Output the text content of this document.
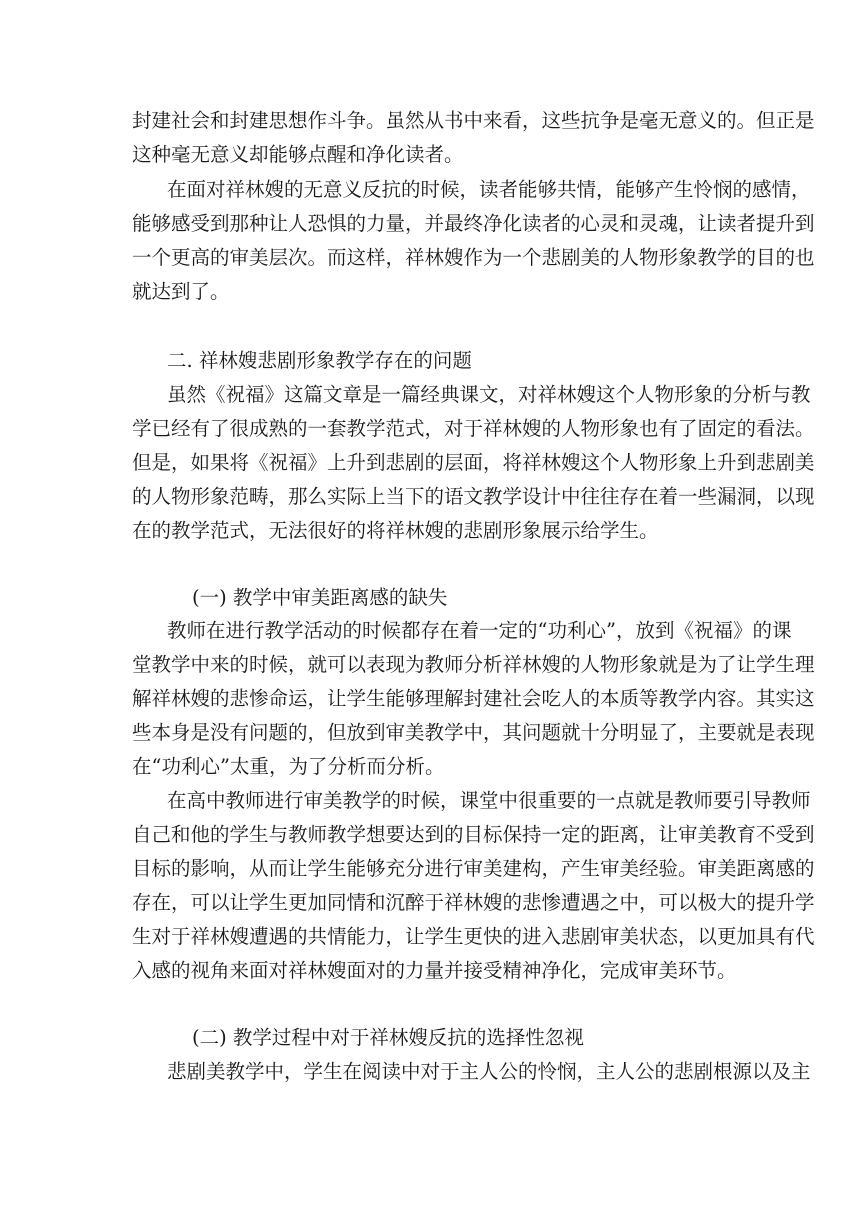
封建社会和封建思想作斗争。虽然从书中来看，这些抗争是毫无意义的。但正是
这种毫无意义却能够点醒和净化读者。
在面对祥林嫂的无意义反抗的时候，读者能够共情，能够产生怜悯的感情，
能够感受到那种让人恐惧的力量，并最终净化读者的心灵和灵魂，让读者提升到
一个更高的审美层次。而这样，祥林嫂作为一个悲剧美的人物形象教学的目的也
就达到了。
二. 祥林嫂悲剧形象教学存在的问题
虽然《祝福》这篇文章是一篇经典课文，对祥林嫂这个人物形象的分析与教
学已经有了很成熟的一套教学范式，对于祥林嫂的人物形象也有了固定的看法。
但是，如果将《祝福》上升到悲剧的层面，将祥林嫂这个人物形象上升到悲剧美
的人物形象范畴，那么实际上当下的语文教学设计中往往存在着一些漏洞，以现
在的教学范式，无法很好的将祥林嫂的悲剧形象展示给学生。
(一) 教学中审美距离感的缺失
教师在进行教学活动的时候都存在着一定的“功利心”，放到《祝福》的课
堂教学中来的时候，就可以表现为教师分析祥林嫂的人物形象就是为了让学生理
解祥林嫂的悲惨命运，让学生能够理解封建社会吃人的本质等教学内容。其实这
些本身是没有问题的，但放到审美教学中，其问题就十分明显了，主要就是表现
在“功利心”太重，为了分析而分析。
在高中教师进行审美教学的时候，课堂中很重要的一点就是教师要引导教师
自己和他的学生与教师教学想要达到的目标保持一定的距离，让审美教育不受到
目标的影响，从而让学生能够充分进行审美建构，产生审美经验。审美距离感的
存在，可以让学生更加同情和沉醉于祥林嫂的悲惨遭遇之中，可以极大的提升学
生对于祥林嫂遭遇的共情能力，让学生更快的进入悲剧审美状态，以更加具有代
入感的视角来面对祥林嫂面对的力量并接受精神净化，完成审美环节。
(二) 教学过程中对于祥林嫂反抗的选择性忽视
悲剧美教学中，学生在阅读中对于主人公的怜悯，主人公的悲剧根源以及主
